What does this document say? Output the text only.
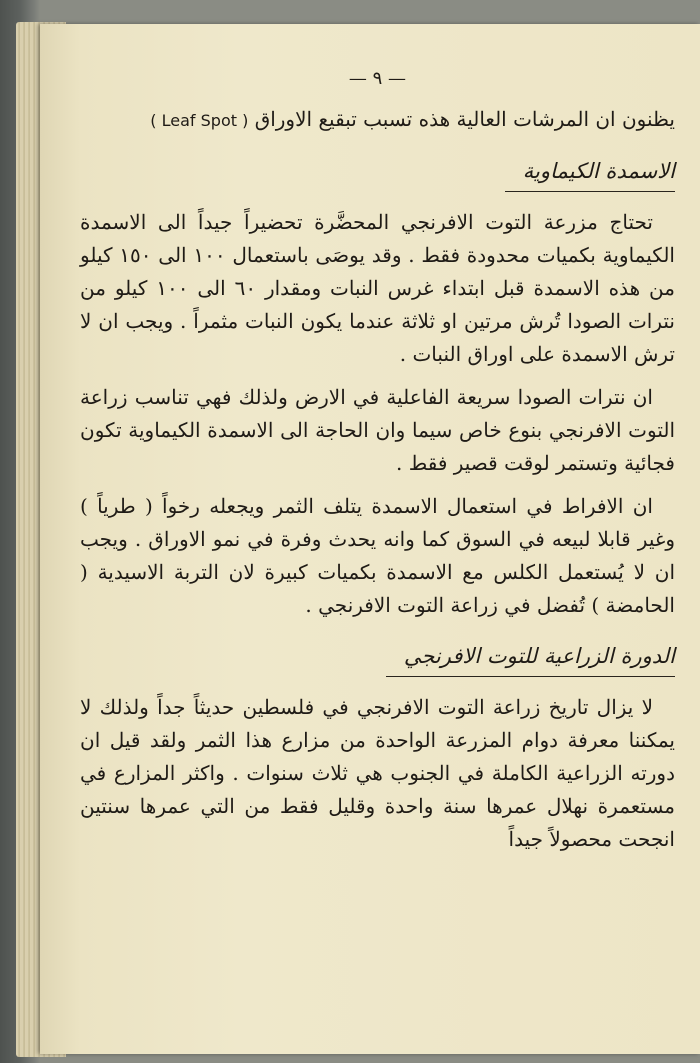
— ٩ —

يظنون ان المرشات العالية هذه تسبب تبقيع الاوراق ( Leaf Spot )

الاسمدة الكيماوية

تحتاج مزرعة التوت الافرنجي المحضَّرة تحضيراً جيداً الى الاسمدة الكيماوية بكميات محدودة فقط . وقد يوصَى باستعمال ١٠٠ الى ١٥٠ كيلو من هذه الاسمدة قبل ابتداء غرس النبات ومقدار ٦٠ الى ١٠٠ كيلو من نترات الصودا تُرش مرتين او ثلاثة عندما يكون النبات مثمراً . ويجب ان لا ترش الاسمدة على اوراق النبات .

ان نترات الصودا سريعة الفاعلية في الارض ولذلك فهي تناسب زراعة التوت الافرنجي بنوع خاص سيما وان الحاجة الى الاسمدة الكيماوية تكون فجائية وتستمر لوقت قصير فقط .

ان الافراط في استعمال الاسمدة يتلف الثمر ويجعله رخواً ( طرياً ) وغير قابلا لبيعه في السوق كما وانه يحدث وفرة في نمو الاوراق . ويجب ان لا يُستعمل الكلس مع الاسمدة بكميات كبيرة لان التربة الاسيدية ( الحامضة ) تُفضل في زراعة التوت الافرنجي .

الدورة الزراعية للتوت الافرنجي

لا يزال تاريخ زراعة التوت الافرنجي في فلسطين حديثاً جداً ولذلك لا يمكننا معرفة دوام المزرعة الواحدة من مزارع هذا الثمر ولقد قيل ان دورته الزراعية الكاملة في الجنوب هي ثلاث سنوات . واكثر المزارع في مستعمرة نهلال عمرها سنة واحدة وقليل فقط من التي عمرها سنتين انجحت محصولاً جيداً
